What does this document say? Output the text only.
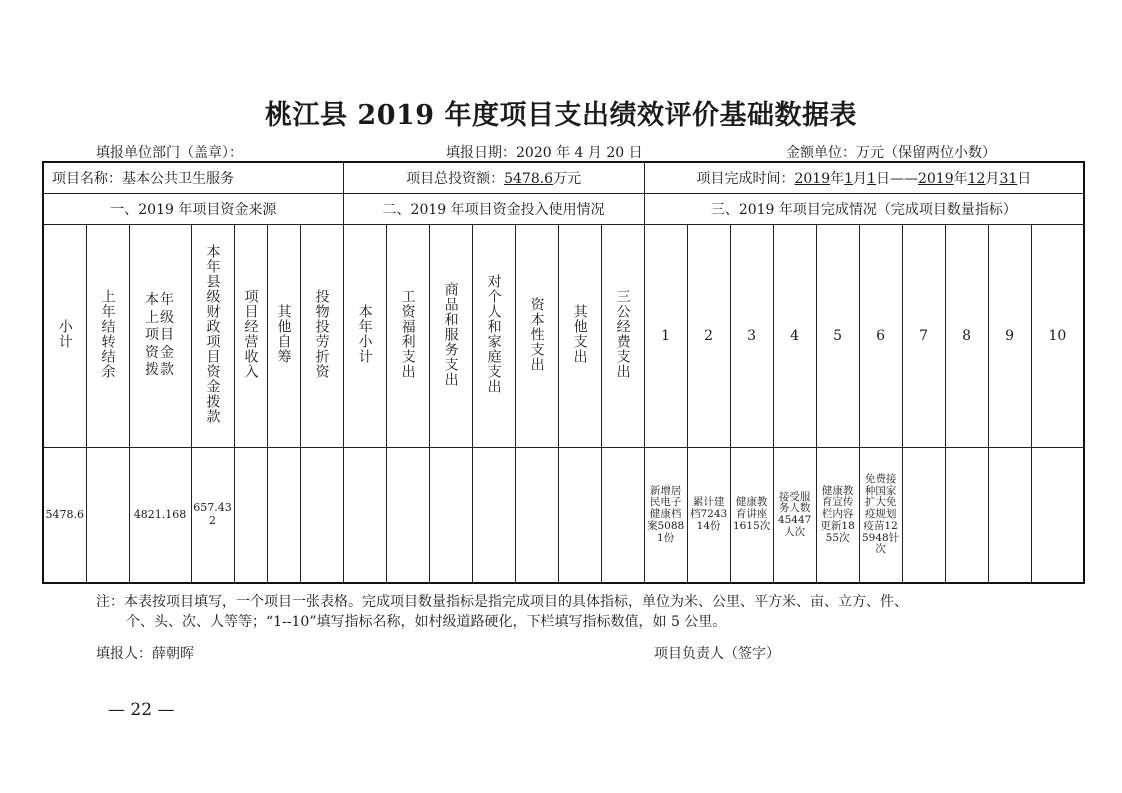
桃江县 2019 年度项目支出绩效评价基础数据表
填报单位部门（盖章）：	填报日期：2020 年 4 月 20 日	金额单位：万元（保留两位小数）
项目名称：基本公共卫生服务							项目总投资额：5478.6万元							项目完成时间：2019年1月1日——2019年12月31日									
一、2019 年项目资金来源							二、2019 年项目资金投入使用情况							三、2019 年项目完成情况（完成项目数量指标）									
小计	上年结转结余	本年上级项目资金拨款	本年县级财政项目资金拨款	项目经营收入	其他自筹	投物投劳折资	本年小计	工资福利支出	商品和服务支出	对个人和家庭支出	资本性支出	其他支出	三公经费支出	1	2	3	4	5	6	7	8	9	10
5478.6		4821.168	657.432											新增居民电子健康档案50881份	累计建档724314份	健康教育讲座1615次	接受服务人数45447人次	健康教育宣传栏内容更新1855次	免费接种国家扩大免疫规划疫苗125948针次				
注：本表按项目填写，一个项目一张表格。完成项目数量指标是指完成项目的具体指标，单位为米、公里、平方米、亩、立方、件、
个、头、次、人等等；“1--10”填写指标名称，如村级道路硬化，下栏填写指标数值，如 5 公里。
填报人：薛朝晖	项目负责人（签字）
— 22 —
